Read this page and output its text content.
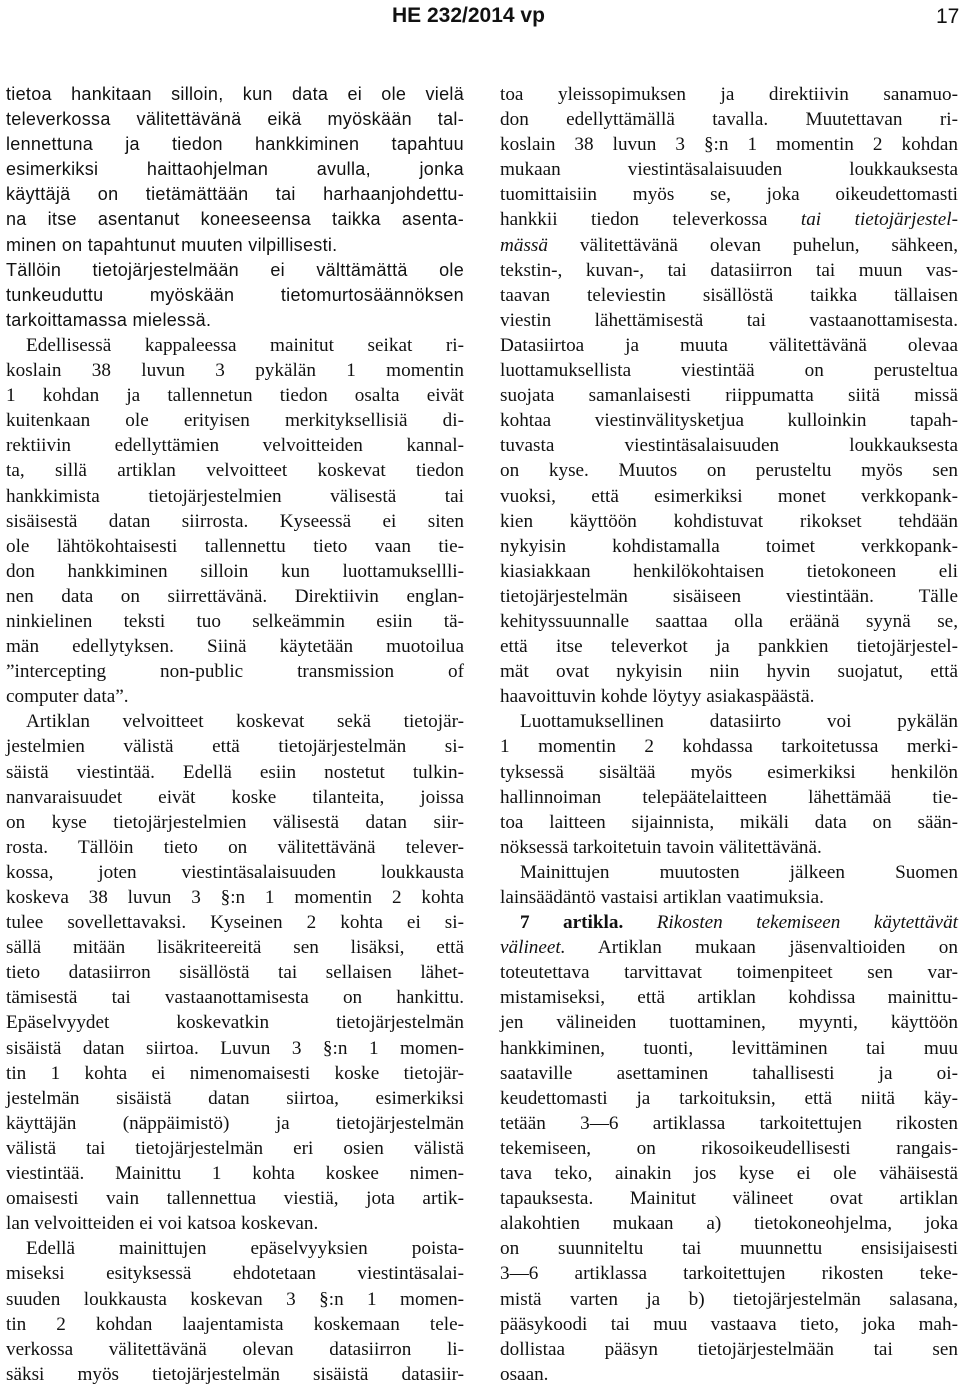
HE 232/2014 vp	17
tietoa hankitaan silloin, kun data ei ole vielä
televerkossa välitettävänä eikä myöskään tal-
lennettuna ja tiedon hankkiminen tapahtuu
esimerkiksi haittaohjelman avulla, jonka
käyttäjä on tietämättään tai harhaanjohdettu-
na itse asentanut koneeseensa taikka asenta-
minen on tapahtunut muuten vilpillisesti.
Tällöin tietojärjestelmään ei välttämättä ole
tunkeuduttu myöskään tietomurtosäännöksen
tarkoittamassa mielessä.
Edellisessä kappaleessa mainitut seikat ri-
koslain 38 luvun 3 pykälän 1 momentin
1 kohdan ja tallennetun tiedon osalta eivät
kuitenkaan ole erityisen merkityksellisiä di-
rektiivin edellyttämien velvoitteiden kannal-
ta, sillä artiklan velvoitteet koskevat tiedon
hankkimista tietojärjestelmien välisestä tai
sisäisestä datan siirrosta. Kyseessä ei siten
ole lähtökohtaisesti tallennettu tieto vaan tie-
don hankkiminen silloin kun luottamuksellli-
nen data on siirrettävänä. Direktiivin englan-
ninkielinen teksti tuo selkeämmin esiin tä-
män edellytyksen. Siinä käytetään muotoilua
”intercepting non-public transmission of
computer data”.
Artiklan velvoitteet koskevat sekä tietojär-
jestelmien välistä että tietojärjestelmän si-
säistä viestintää. Edellä esiin nostetut tulkin-
nanvaraisuudet eivät koske tilanteita, joissa
on kyse tietojärjestelmien välisestä datan siir-
rosta. Tällöin tieto on välitettävänä telever-
kossa, joten viestintäsalaisuuden loukkausta
koskeva 38 luvun 3 §:n 1 momentin 2 kohta
tulee sovellettavaksi. Kyseinen 2 kohta ei si-
sällä mitään lisäkriteereitä sen lisäksi, että
tieto datasiirron sisällöstä tai sellaisen lähet-
tämisestä tai vastaanottamisesta on hankittu.
Epäselvyydet koskevatkin tietojärjestelmän
sisäistä datan siirtoa. Luvun 3 §:n 1 momen-
tin 1 kohta ei nimenomaisesti koske tietojär-
jestelmän sisäistä datan siirtoa, esimerkiksi
käyttäjän (näppäimistö) ja tietojärjestelmän
välistä tai tietojärjestelmän eri osien välistä
viestintää. Mainittu 1 kohta koskee nimen-
omaisesti vain tallennettua viestiä, jota artik-
lan velvoitteiden ei voi katsoa koskevan.
Edellä mainittujen epäselvyyksien poista-
miseksi esityksessä ehdotetaan viestintäsalai-
suuden loukkausta koskevan 3 §:n 1 momen-
tin 2 kohdan laajentamista koskemaan tele-
verkossa välitettävänä olevan datasiirron li-
säksi myös tietojärjestelmän sisäistä datasiir-
toa yleissopimuksen ja direktiivin sanamuo-
don edellyttämällä tavalla. Muutettavan ri-
koslain 38 luvun 3 §:n 1 momentin 2 kohdan
mukaan viestintäsalaisuuden loukkauksesta
tuomittaisiin myös se, joka oikeudettomasti
hankkii tiedon televerkossa tai tietojärjestel-
mässä välitettävänä olevan puhelun, sähkeen,
tekstin-, kuvan-, tai datasiirron tai muun vas-
taavan televiestin sisällöstä taikka tällaisen
viestin lähettämisestä tai vastaanottamisesta.
Datasiirtoa ja muuta välitettävänä olevaa
luottamuksellista viestintää on perusteltua
suojata samanlaisesti riippumatta siitä missä
kohtaa viestinvälitysketjua kulloinkin tapah-
tuvasta viestintäsalaisuuden loukkauksesta
on kyse. Muutos on perusteltu myös sen
vuoksi, että esimerkiksi monet verkkopank-
kien käyttöön kohdistuvat rikokset tehdään
nykyisin kohdistamalla toimet verkkopank-
kiasiakkaan henkilökohtaisen tietokoneen eli
tietojärjestelmän sisäiseen viestintään. Tälle
kehityssuunnalle saattaa olla eräänä syynä se,
että itse televerkot ja pankkien tietojärjestel-
mät ovat nykyisin niin hyvin suojatut, että
haavoittuvin kohde löytyy asiakaspäästä.
Luottamuksellinen datasiirto voi pykälän
1 momentin 2 kohdassa tarkoitetussa merki-
tyksessä sisältää myös esimerkiksi henkilön
hallinnoiman telepäätelaitteen lähettämää tie-
toa laitteen sijainnista, mikäli data on sään-
nöksessä tarkoitetuin tavoin välitettävänä.
Mainittujen muutosten jälkeen Suomen
lainsäädäntö vastaisi artiklan vaatimuksia.
7 artikla. Rikosten tekemiseen käytettävät
välineet. Artiklan mukaan jäsenvaltioiden on
toteutettava tarvittavat toimenpiteet sen var-
mistamiseksi, että artiklan kohdissa mainittu-
jen välineiden tuottaminen, myynti, käyttöön
hankkiminen, tuonti, levittäminen tai muu
saataville asettaminen tahallisesti ja oi-
keudettomasti ja tarkoituksin, että niitä käy-
tetään 3—6 artiklassa tarkoitettujen rikosten
tekemiseen, on rikosoikeudellisesti rangais-
tava teko, ainakin jos kyse ei ole vähäisestä
tapauksesta. Mainitut välineet ovat artiklan
alakohtien mukaan a) tietokoneohjelma, joka
on suunniteltu tai muunnettu ensisijaisesti
3—6 artiklassa tarkoitettujen rikosten teke-
mistä varten ja b) tietojärjestelmän salasana,
pääsykoodi tai muu vastaava tieto, joka mah-
dollistaa pääsyn tietojärjestelmään tai sen
osaan.
